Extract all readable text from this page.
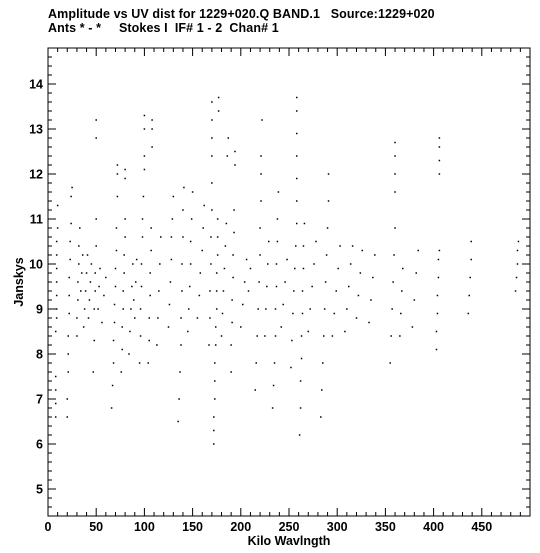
Amplitude vs UV dist for 1229+020.Q BAND.1   Source:1229+020
Ants * - *     Stokes I  IF# 1 - 2  Chan# 1
0	50 100 150 200 250 300 350 400 450
5
6
7
8
9
10
11
12
13
14
Kilo Wavlngth
Janskys
